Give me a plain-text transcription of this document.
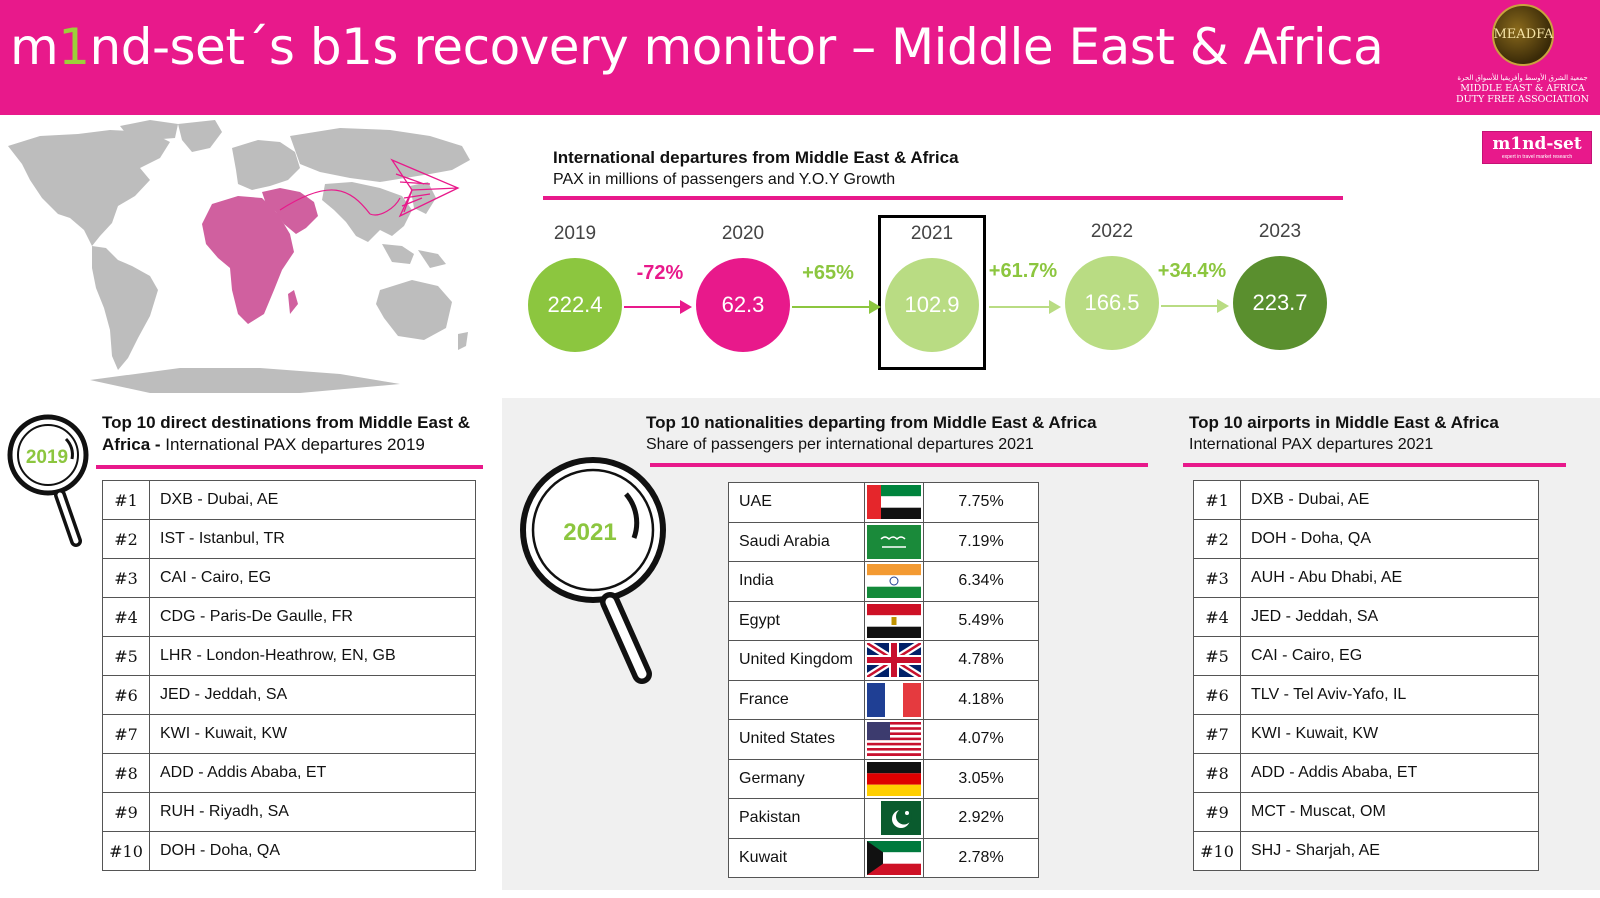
m1nd-set´s b1s recovery monitor – Middle East & Africa	MEADFA
جمعية الشرق الأوسط وأفريقيا للأسواق الحرة
MIDDLE EAST & AFRICA
DUTY FREE ASSOCIATION
m1nd-set
expert in travel market research
International departures from Middle East & Africa
PAX in millions of passengers and Y.O.Y Growth
2019	2020	2021	2022	2023
222.4	62.3	102.9	166.5	223.7
-72%	+65%	+61.7%	+34.4%
2019
Top 10 direct destinations from Middle East &
Africa - International PAX departures 2019
#1	DXB - Dubai, AE
#2	IST - Istanbul, TR
#3	CAI - Cairo, EG
#4	CDG - Paris-De Gaulle, FR
#5	LHR - London-Heathrow, EN, GB
#6	JED - Jeddah, SA
#7	KWI - Kuwait, KW
#8	ADD - Addis Ababa, ET
#9	RUH - Riyadh, SA
#10	DOH - Doha, QA
2021
Top 10 nationalities departing from Middle East & Africa
Share of passengers per international departures 2021
UAE		7.75%
Saudi Arabia		7.19%
India		6.34%
Egypt		5.49%
United Kingdom		4.78%
France		4.18%
United States		4.07%
Germany		3.05%
Pakistan		2.92%
Kuwait		2.78%
Top 10 airports in Middle East & Africa
International PAX departures 2021
#1	DXB - Dubai, AE
#2	DOH - Doha, QA
#3	AUH - Abu Dhabi, AE
#4	JED - Jeddah, SA
#5	CAI - Cairo, EG
#6	TLV - Tel Aviv-Yafo, IL
#7	KWI - Kuwait, KW
#8	ADD - Addis Ababa, ET
#9	MCT - Muscat, OM
#10	SHJ - Sharjah, AE
